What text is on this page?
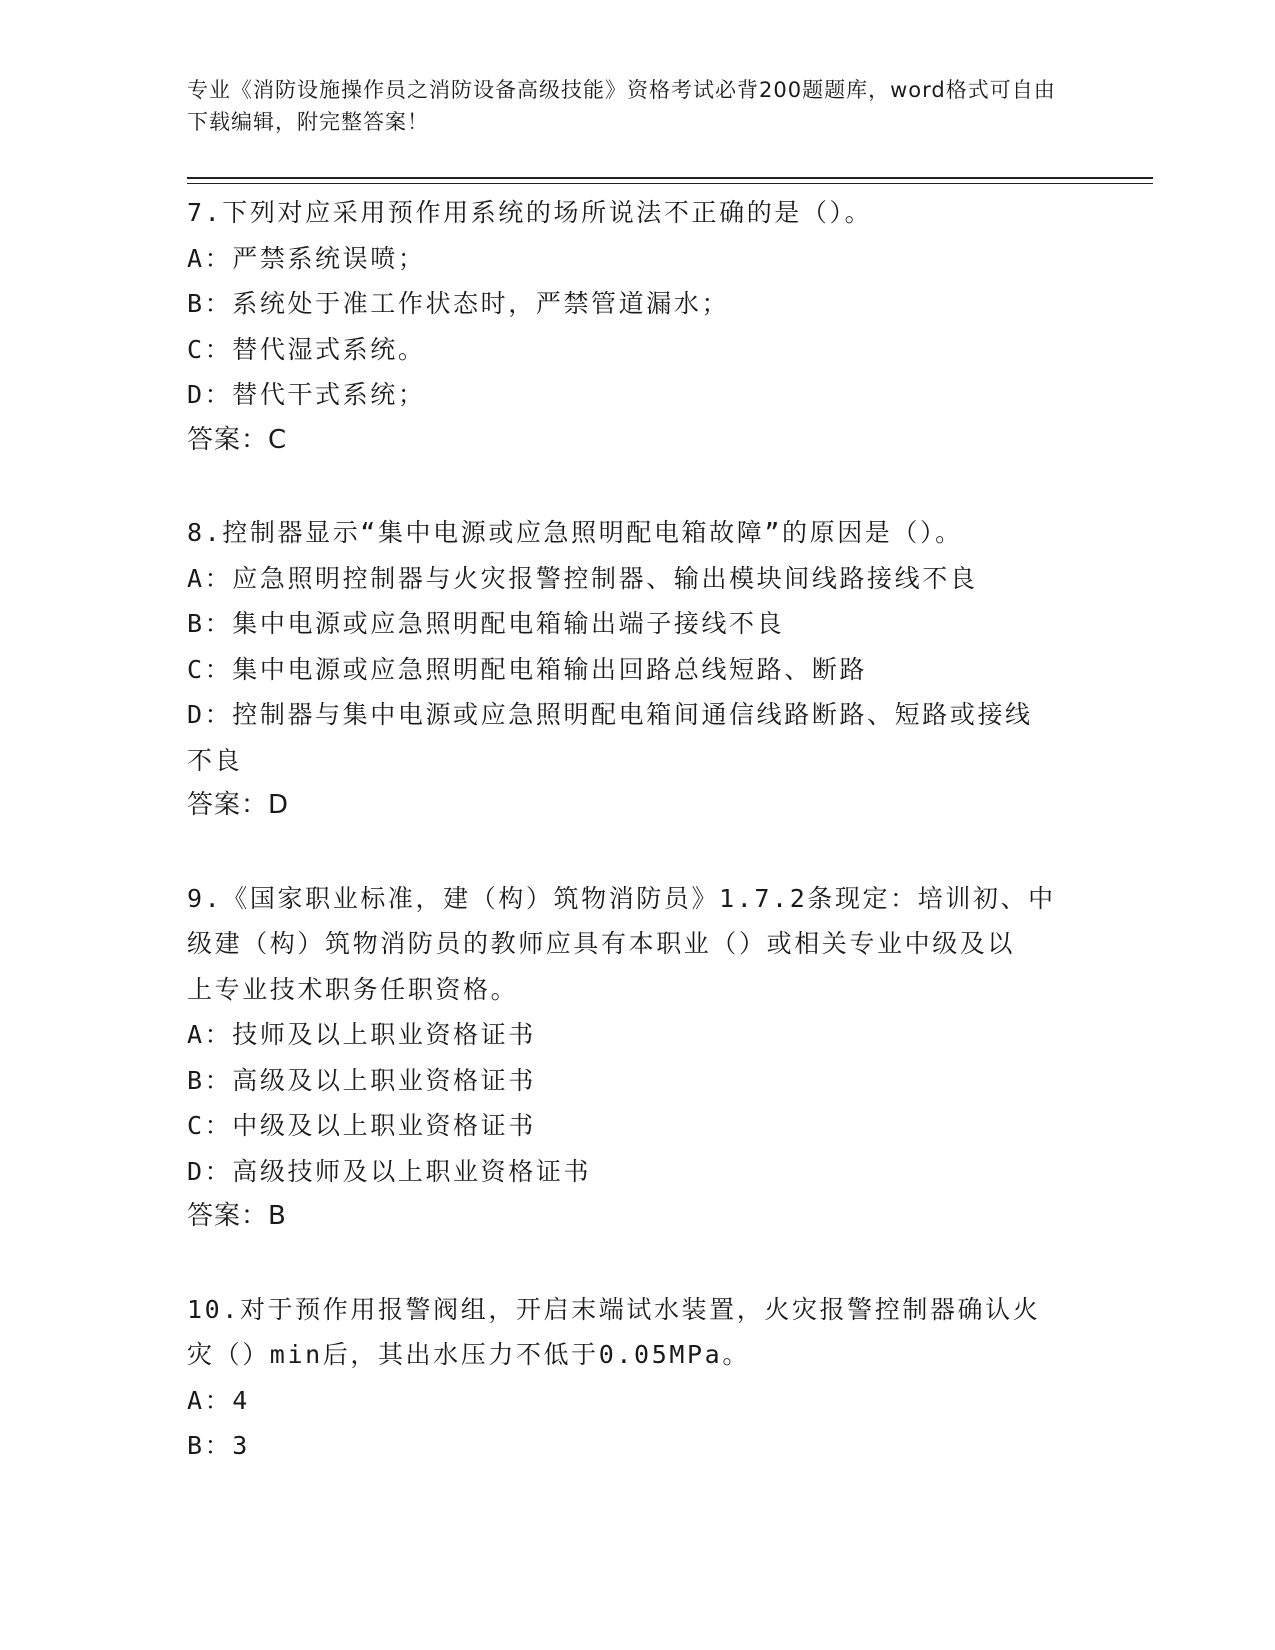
专业《消防设施操作员之消防设备高级技能》资格考试必背200题题库，word格式可自由下载编辑，附完整答案！
7.下列对应采用预作用系统的场所说法不正确的是（）。
A：严禁系统误喷；
B：系统处于准工作状态时，严禁管道漏水；
C：替代湿式系统。
D：替代干式系统；
答案：C
8.控制器显示“集中电源或应急照明配电箱故障”的原因是（）。
A：应急照明控制器与火灾报警控制器、输出模块间线路接线不良
B：集中电源或应急照明配电箱输出端子接线不良
C：集中电源或应急照明配电箱输出回路总线短路、断路
D：控制器与集中电源或应急照明配电箱间通信线路断路、短路或接线
不良
答案：D
9.《国家职业标准，建（构）筑物消防员》1.7.2条现定：培训初、中
级建（构）筑物消防员的教师应具有本职业（）或相关专业中级及以
上专业技术职务任职资格。
A：技师及以上职业资格证书
B：高级及以上职业资格证书
C：中级及以上职业资格证书
D：高级技师及以上职业资格证书
答案：B
10.对于预作用报警阀组，开启末端试水装置，火灾报警控制器确认火
灾（）min后，其出水压力不低于0.05MPa。
A：4
B：3
